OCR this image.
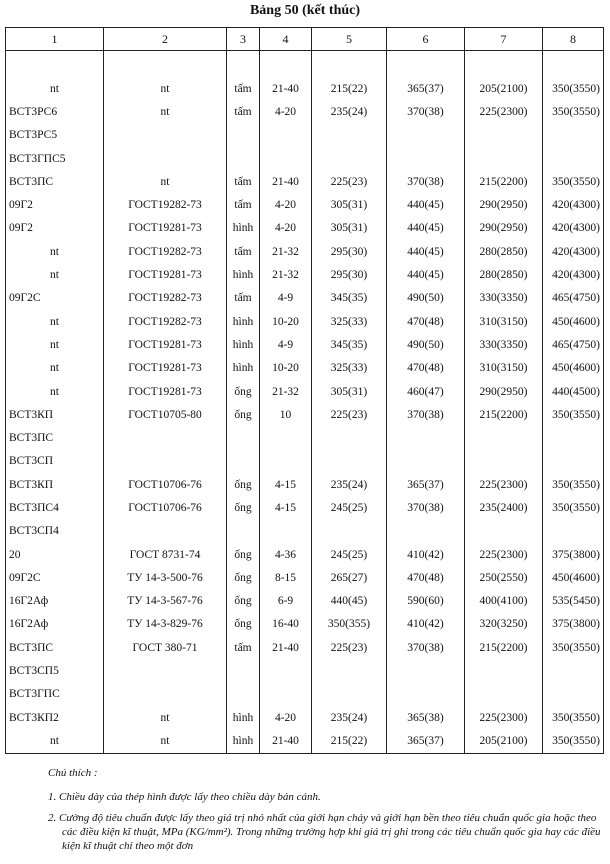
Bảng 50 (kết thúc)
1	2	3	4	5	6	7	8

nt	nt	tấm	21-40	215(22)	365(37)	205(2100)	350(3550)
ВСТ3РС6	nt	tấm	4-20	235(24)	370(38)	225(2300)	350(3550)
ВСТ3РС5							
ВСТ3ГПС5							
ВСТ3ПС	nt	tấm	21-40	225(23)	370(38)	215(2200)	350(3550)
09Г2	ГОСТ19282-73	tấm	4-20	305(31)	440(45)	290(2950)	420(4300)
09Г2	ГОСТ19281-73	hình	4-20	305(31)	440(45)	290(2950)	420(4300)
nt	ГОСТ19282-73	tấm	21-32	295(30)	440(45)	280(2850)	420(4300)
nt	ГОСТ19281-73	hình	21-32	295(30)	440(45)	280(2850)	420(4300)
09Г2С	ГОСТ19282-73	tấm	4-9	345(35)	490(50)	330(3350)	465(4750)
nt	ГОСТ19282-73	hình	10-20	325(33)	470(48)	310(3150)	450(4600)
nt	ГОСТ19281-73	hình	4-9	345(35)	490(50)	330(3350)	465(4750)
nt	ГОСТ19281-73	hình	10-20	325(33)	470(48)	310(3150)	450(4600)
nt	ГОСТ19281-73	ống	21-32	305(31)	460(47)	290(2950)	440(4500)
ВСТ3КП	ГОСТ10705-80	ống	10	225(23)	370(38)	215(2200)	350(3550)
ВСТ3ПС							
ВСТ3СП							
ВСТ3КП	ГОСТ10706-76	ống	4-15	235(24)	365(37)	225(2300)	350(3550)
ВСТ3ПС4	ГОСТ10706-76	ống	4-15	245(25)	370(38)	235(2400)	350(3550)
ВСТ3СП4							
20	ГОСТ 8731-74	ống	4-36	245(25)	410(42)	225(2300)	375(3800)
09Г2С	ТУ 14-3-500-76	ống	8-15	265(27)	470(48)	250(2550)	450(4600)
16Г2Аф	ТУ 14-3-567-76	ống	6-9	440(45)	590(60)	400(4100)	535(5450)
16Г2Аф	ТУ 14-3-829-76	ống	16-40	350(355)	410(42)	320(3250)	375(3800)
ВСТ3ПС	ГОСТ 380-71	tấm	21-40	225(23)	370(38)	215(2200)	350(3550)
ВСТ3СП5							
ВСТ3ГПС							
ВСТ3КП2	nt	hình	4-20	235(24)	365(38)	225(2300)	350(3550)
nt	nt	hình	21-40	215(22)	365(37)	205(2100)	350(3550)
Chú thích :

1. Chiều dày của thép hình được lấy theo chiều dày bản cánh.

2. Cường độ tiêu chuẩn được lấy theo giá trị nhỏ nhất của giới hạn chảy và giới hạn bền theo tiêu chuẩn quốc gia hoặc theo các điều kiện kĩ thuật, MPa (KG/mm²). Trong những trường hợp khi giá trị ghi trong các tiêu chuẩn quốc gia hay các điều kiện kĩ thuật chỉ theo một đơn
